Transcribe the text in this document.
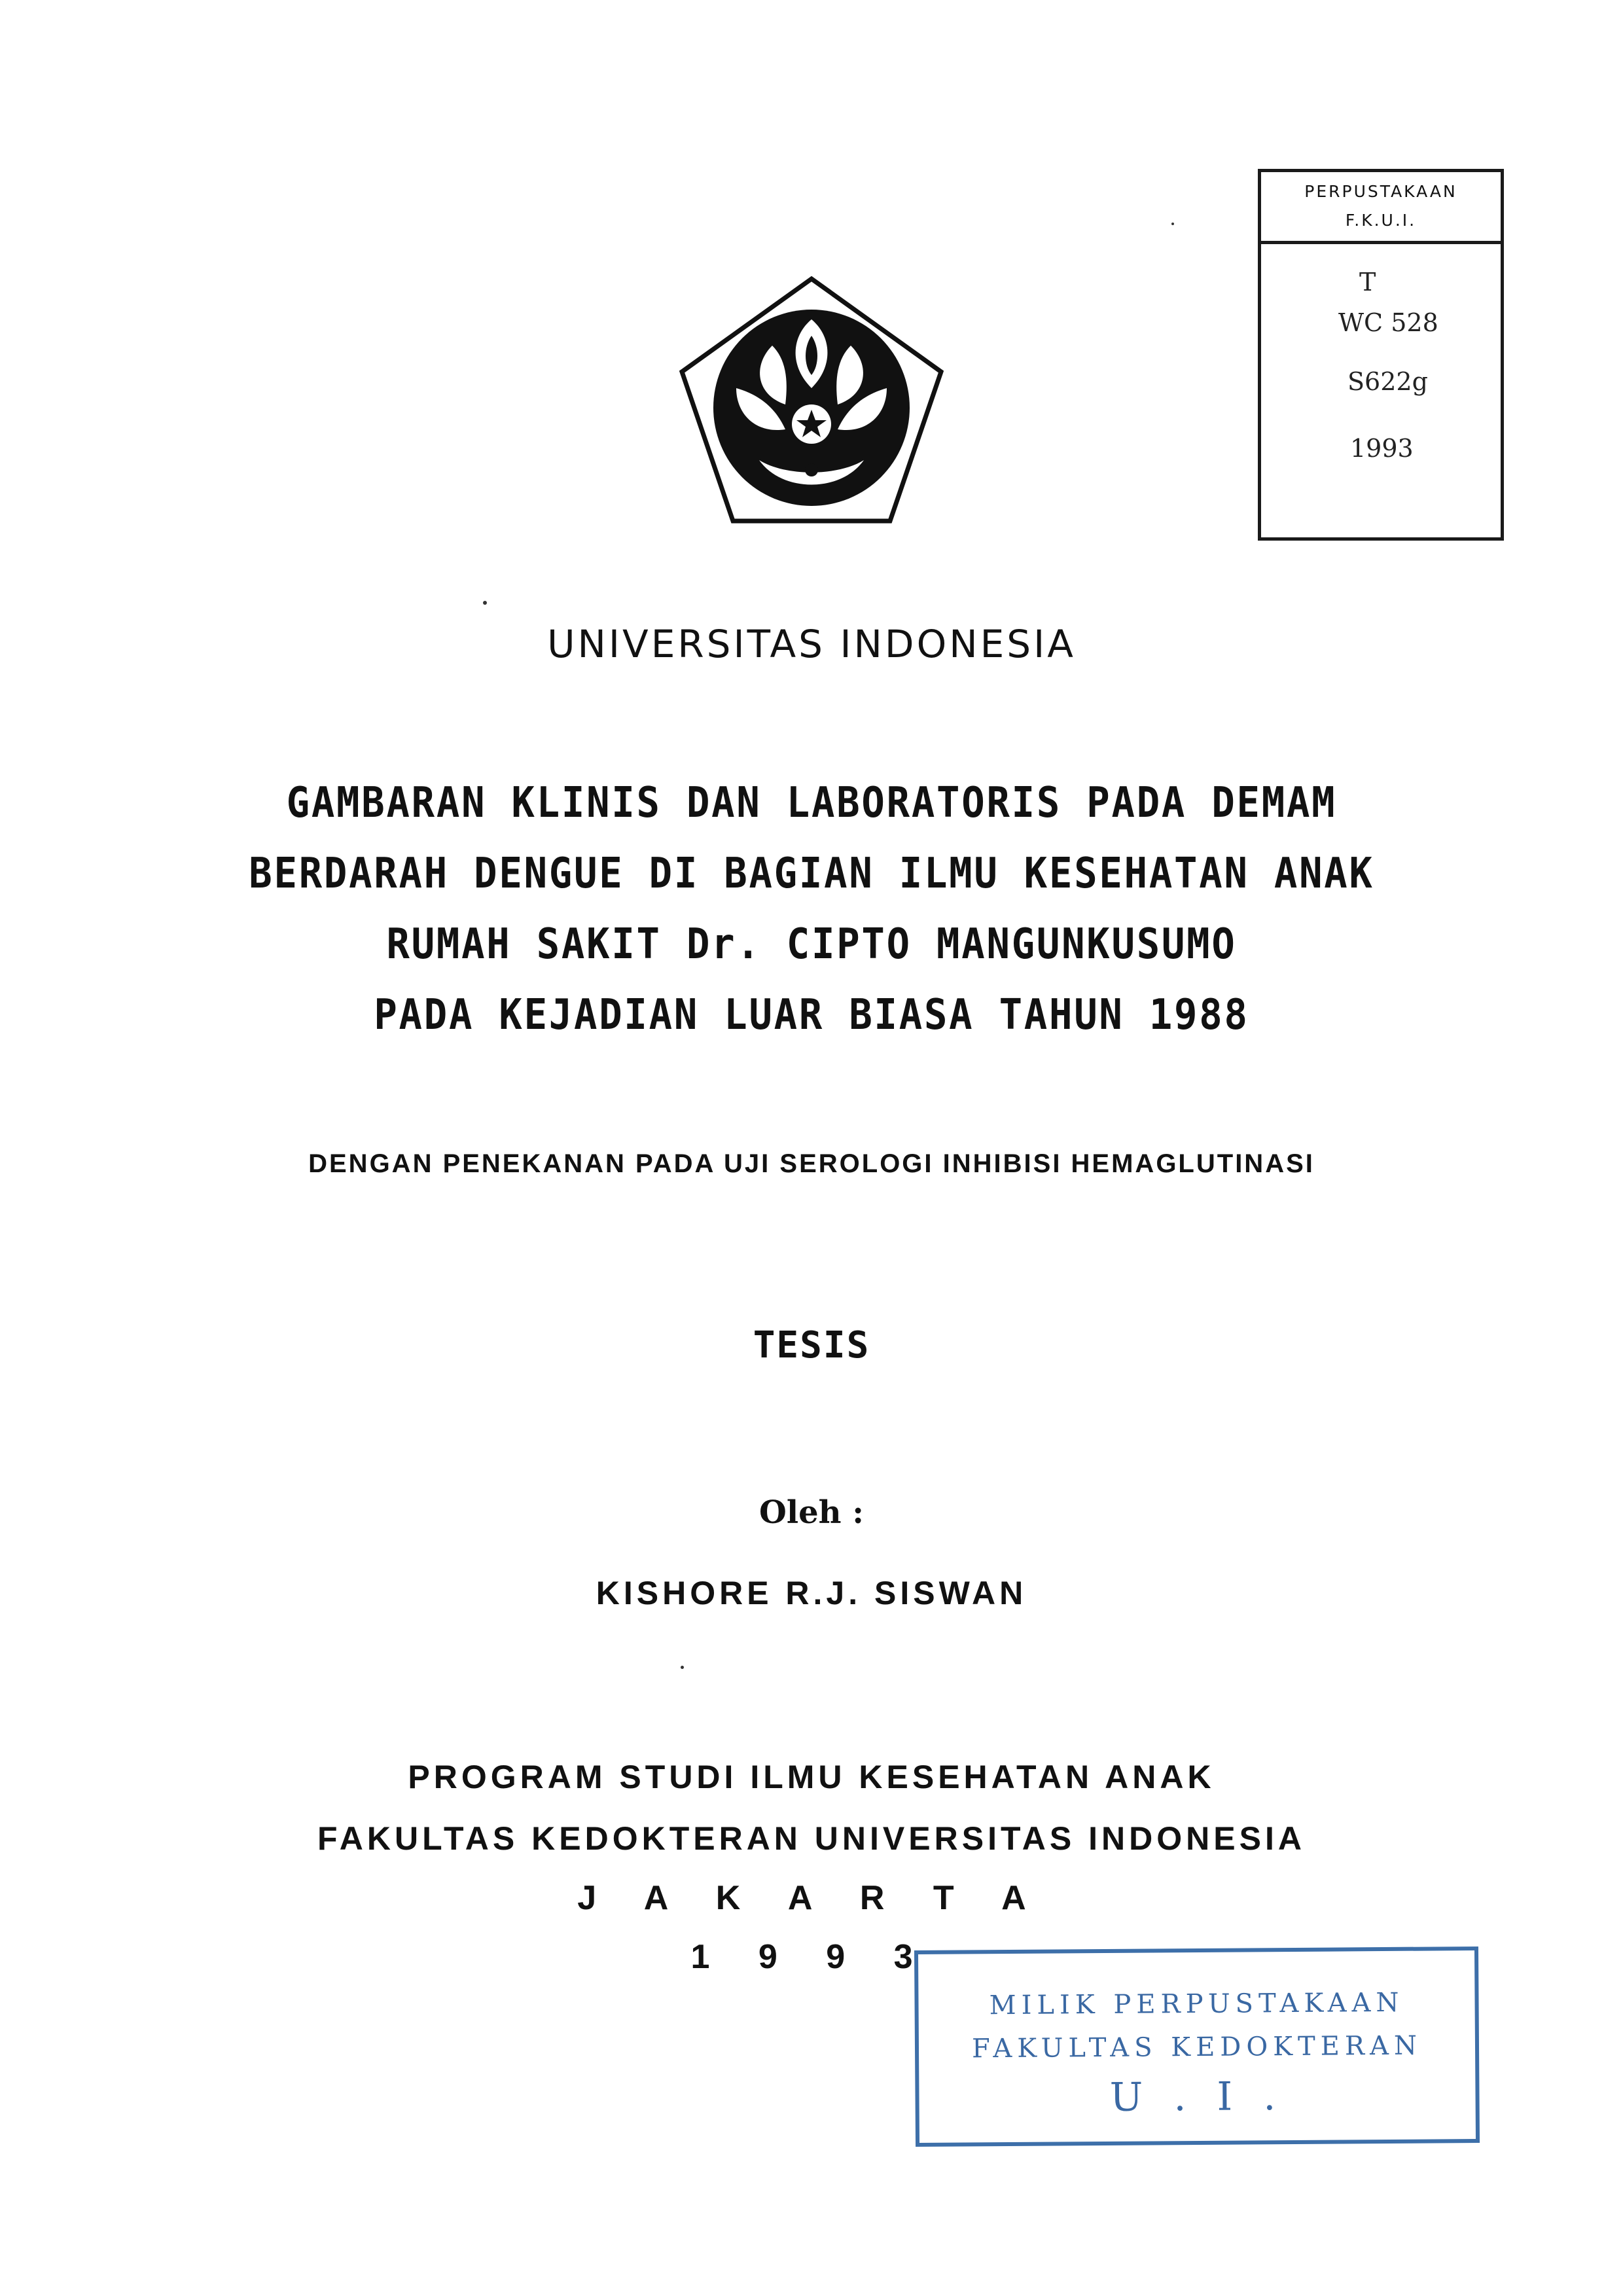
PERPUSTAKAAN
F.K.U.I.
T
WC 528
S622g
1993
UNIVERSITAS INDONESIA
GAMBARAN KLINIS DAN LABORATORIS PADA DEMAM
BERDARAH DENGUE DI BAGIAN ILMU KESEHATAN ANAK
RUMAH SAKIT Dr. CIPTO MANGUNKUSUMO
PADA KEJADIAN LUAR BIASA TAHUN 1988
DENGAN PENEKANAN PADA UJI SEROLOGI INHIBISI HEMAGLUTINASI
TESIS
Oleh :
KISHORE R.J. SISWAN
PROGRAM STUDI ILMU KESEHATAN ANAK
FAKULTAS KEDOKTERAN UNIVERSITAS INDONESIA
J A K A R T A
1 9 9 3
MILIK PERPUSTAKAAN
FAKULTAS KEDOKTERAN
U . I .
